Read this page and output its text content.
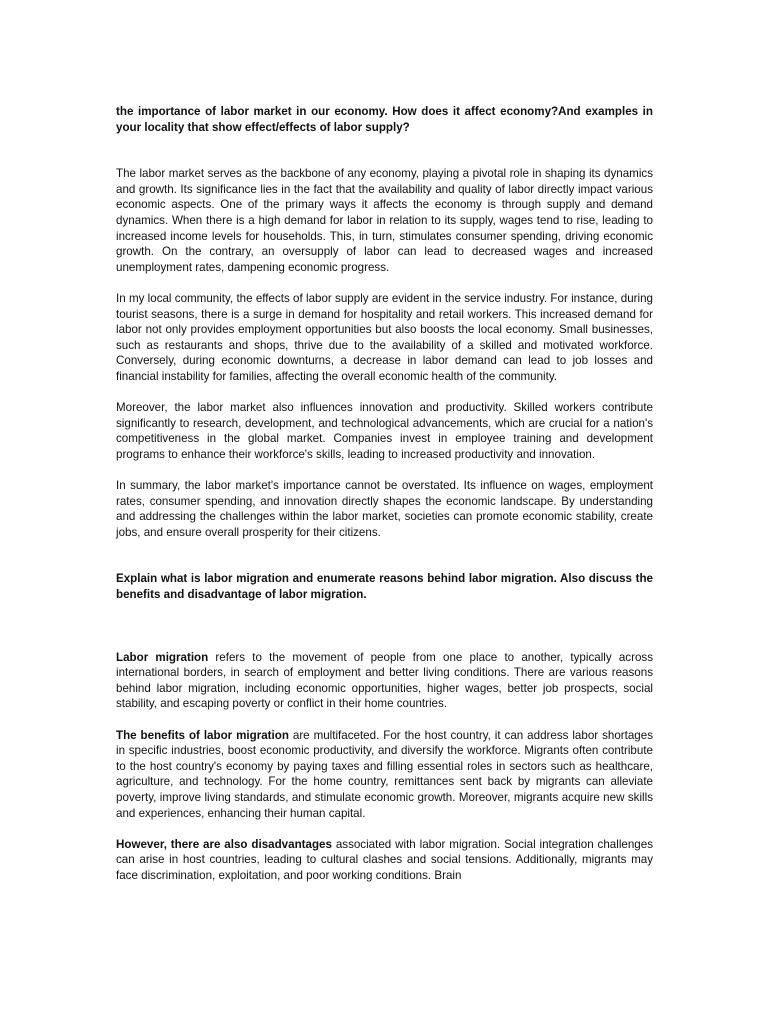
the importance of labor market in our economy. How does it affect economy?And examples in your locality that show effect/effects of labor supply?

The labor market serves as the backbone of any economy, playing a pivotal role in shaping its dynamics and growth. Its significance lies in the fact that the availability and quality of labor directly impact various economic aspects. One of the primary ways it affects the economy is through supply and demand dynamics. When there is a high demand for labor in relation to its supply, wages tend to rise, leading to increased income levels for households. This, in turn, stimulates consumer spending, driving economic growth. On the contrary, an oversupply of labor can lead to decreased wages and increased unemployment rates, dampening economic progress.

In my local community, the effects of labor supply are evident in the service industry. For instance, during tourist seasons, there is a surge in demand for hospitality and retail workers. This increased demand for labor not only provides employment opportunities but also boosts the local economy. Small businesses, such as restaurants and shops, thrive due to the availability of a skilled and motivated workforce. Conversely, during economic downturns, a decrease in labor demand can lead to job losses and financial instability for families, affecting the overall economic health of the community.

Moreover, the labor market also influences innovation and productivity. Skilled workers contribute significantly to research, development, and technological advancements, which are crucial for a nation's competitiveness in the global market. Companies invest in employee training and development programs to enhance their workforce's skills, leading to increased productivity and innovation.

In summary, the labor market's importance cannot be overstated. Its influence on wages, employment rates, consumer spending, and innovation directly shapes the economic landscape. By understanding and addressing the challenges within the labor market, societies can promote economic stability, create jobs, and ensure overall prosperity for their citizens.

Explain what is labor migration and enumerate reasons behind labor migration. Also discuss the benefits and disadvantage of labor migration.

Labor migration refers to the movement of people from one place to another, typically across international borders, in search of employment and better living conditions. There are various reasons behind labor migration, including economic opportunities, higher wages, better job prospects, social stability, and escaping poverty or conflict in their home countries.

The benefits of labor migration are multifaceted. For the host country, it can address labor shortages in specific industries, boost economic productivity, and diversify the workforce. Migrants often contribute to the host country's economy by paying taxes and filling essential roles in sectors such as healthcare, agriculture, and technology. For the home country, remittances sent back by migrants can alleviate poverty, improve living standards, and stimulate economic growth. Moreover, migrants acquire new skills and experiences, enhancing their human capital.

However, there are also disadvantages associated with labor migration. Social integration challenges can arise in host countries, leading to cultural clashes and social tensions. Additionally, migrants may face discrimination, exploitation, and poor working conditions. Brain
